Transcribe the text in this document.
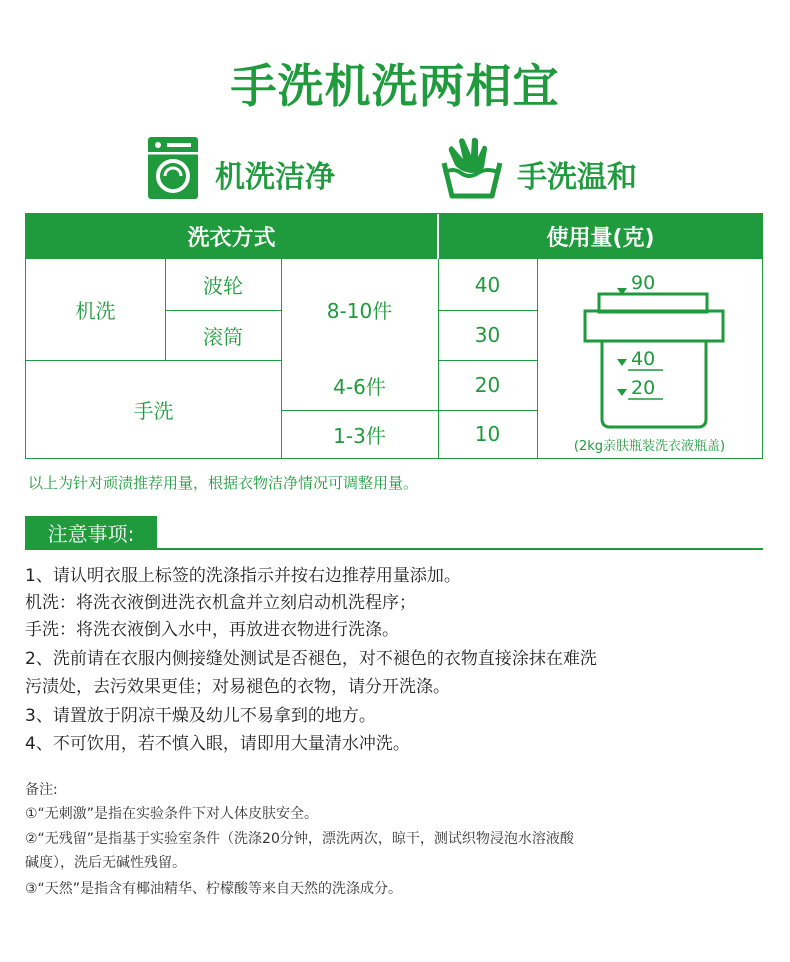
手洗机洗两相宜
机洗洁净	手洗温和
洗衣方式	使用量(克)
机洗
波轮
滚筒
8-10件
手洗
4-6件
1-3件
40
30
20
10
90
40
20
(2kg亲肤瓶装洗衣液瓶盖)
以上为针对顽渍推荐用量，根据衣物洁净情况可调整用量。
注意事项:
1、请认明衣服上标签的洗涤指示并按右边推荐用量添加。
机洗：将洗衣液倒进洗衣机盒并立刻启动机洗程序；
手洗：将洗衣液倒入水中，再放进衣物进行洗涤。
2、洗前请在衣服内侧接缝处测试是否褪色，对不褪色的衣物直接涂抹在难洗
污渍处，去污效果更佳；对易褪色的衣物，请分开洗涤。
3、请置放于阴凉干燥及幼儿不易拿到的地方。
4、不可饮用，若不慎入眼，请即用大量清水冲洗。
备注:
①“无刺激”是指在实验条件下对人体皮肤安全。
②“无残留”是指基于实验室条件（洗涤20分钟，漂洗两次，晾干，测试织物浸泡水溶液酸
碱度），洗后无碱性残留。
③“天然”是指含有椰油精华、柠檬酸等来自天然的洗涤成分。
